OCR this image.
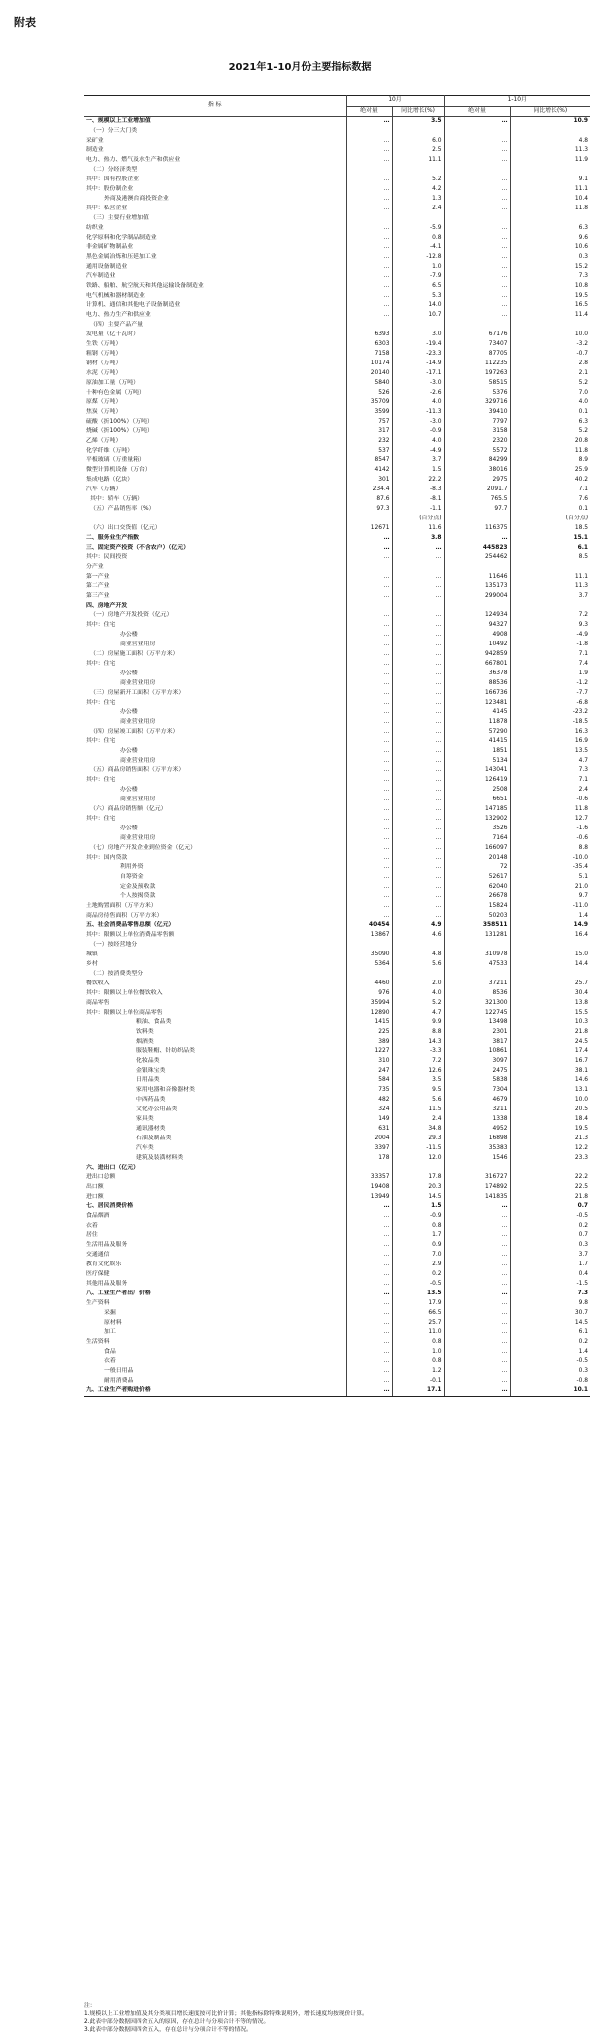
附表
2021年1-10月份主要指标数据
指 标	10月		1-10月	
	绝对量	同比增长(%)	绝对量	同比增长(%)
一、规模以上工业增加值	…	3.5	…	10.9
（一）分三大门类				
采矿业	…	6.0	…	4.8
制造业	…	2.5	…	11.3
电力、热力、燃气及水生产和供应业	…	11.1	…	11.9
（二）分经济类型				
其中：国有控股企业	…	5.2	…	9.1
其中：股份制企业	…	4.2	…	11.1
外商及港澳台商投资企业	…	1.3	…	10.4
其中：私营企业	…	2.4	…	11.8
（三）主要行业增加值				
纺织业	…	-5.9	…	6.3
化学原料和化学制品制造业	…	0.8	…	9.6
非金属矿物制品业	…	-4.1	…	10.6
黑色金属冶炼和压延加工业	…	-12.8	…	0.3
通用设备制造业	…	1.0	…	15.2
汽车制造业	…	-7.9	…	7.3
铁路、船舶、航空航天和其他运输设备制造业	…	6.5	…	10.8
电气机械和器材制造业	…	5.3	…	19.5
计算机、通信和其他电子设备制造业	…	14.0	…	16.5
电力、热力生产和供应业	…	10.7	…	11.4
（四）主要产品产量				
发电量（亿千瓦时）	6393	3.0	67176	10.0
生铁（万吨）	6303	-19.4	73407	-3.2
粗钢（万吨）	7158	-23.3	87705	-0.7
钢材（万吨）	10174	-14.9	112235	2.8
水泥（万吨）	20140	-17.1	197263	2.1
原油加工量（万吨）	5840	-3.0	58515	5.2
十种有色金属（万吨）	526	-2.6	5376	7.0
原煤（万吨）	35709	4.0	329716	4.0
焦炭（万吨）	3599	-11.3	39410	0.1
硫酸（折100%）（万吨）	757	-3.0	7797	6.3
烧碱（折100%）（万吨）	317	-0.9	3158	5.2
乙烯（万吨）	232	4.0	2320	20.8
化学纤维（万吨）	537	-4.9	5572	11.8
平板玻璃（万重量箱）	8547	3.7	84299	8.9
微型计算机设备（万台）	4142	1.5	38016	25.9
集成电路（亿块）	301	22.2	2975	40.2
汽车（万辆）	234.4	-8.3	2091.7	7.1
其中：轿车（万辆）	87.6	-8.1	765.5	7.6
（五）产品销售率（%）	97.3	-1.1	97.7	0.1
		(百分点)		(百分点)
（六）出口交货值（亿元）	12671	11.6	116375	18.5
二、服务业生产指数	…	3.8	…	15.1
三、固定资产投资（不含农户）（亿元）	…	…	445823	6.1
其中：民间投资	…	…	254462	8.5
分产业				
第一产业	…	…	11646	11.1
第二产业	…	…	135173	11.3
第三产业	…	…	299004	3.7
四、房地产开发				
（一）房地产开发投资（亿元）	…	…	124934	7.2
其中：住宅	…	…	94327	9.3
办公楼	…	…	4908	-4.9
商业营业用房	…	…	10492	-1.8
（二）房屋施工面积（万平方米）	…	…	942859	7.1
其中：住宅	…	…	667801	7.4
办公楼	…	…	36378	1.9
商业营业用房	…	…	88536	-1.2
（三）房屋新开工面积（万平方米）	…	…	166736	-7.7
其中：住宅	…	…	123481	-6.8
办公楼	…	…	4145	-23.2
商业营业用房	…	…	11878	-18.5
（四）房屋竣工面积（万平方米）	…	…	57290	16.3
其中：住宅	…	…	41415	16.9
办公楼	…	…	1851	13.5
商业营业用房	…	…	5134	4.7
（五）商品房销售面积（万平方米）	…	…	143041	7.3
其中：住宅	…	…	126419	7.1
办公楼	…	…	2508	2.4
商业营业用房	…	…	6651	-0.6
（六）商品房销售额（亿元）	…	…	147185	11.8
其中：住宅	…	…	132902	12.7
办公楼	…	…	3526	-1.6
商业营业用房	…	…	7164	-0.6
（七）房地产开发企业到位资金（亿元）	…	…	166097	8.8
其中：国内贷款	…	…	20148	-10.0
利用外资	…	…	72	-35.4
自筹资金	…	…	52617	5.1
定金及预收款	…	…	62040	21.0
个人按揭贷款	…	…	26678	9.7
土地购置面积（万平方米）	…	…	15824	-11.0
商品房待售面积（万平方米）	…	…	50203	1.4
五、社会消费品零售总额（亿元）	40454	4.9	358511	14.9
其中：限额以上单位消费品零售额	13867	4.6	131281	16.4
（一）按经营地分				
城镇	35090	4.8	310978	15.0
乡村	5364	5.6	47533	14.4
（二）按消费类型分				
餐饮收入	4460	2.0	37211	25.7
其中：限额以上单位餐饮收入	976	4.0	8536	30.4
商品零售	35994	5.2	321300	13.8
其中：限额以上单位商品零售	12890	4.7	122745	15.5
粮油、食品类	1415	9.9	13498	10.3
饮料类	225	8.8	2301	21.8
烟酒类	389	14.3	3817	24.5
服装鞋帽、针纺织品类	1227	-3.3	10861	17.4
化妆品类	310	7.2	3097	16.7
金银珠宝类	247	12.6	2475	38.1
日用品类	584	3.5	5838	14.6
家用电器和音像器材类	735	9.5	7304	13.1
中西药品类	482	5.6	4679	10.0
文化办公用品类	324	11.5	3211	20.5
家具类	149	2.4	1338	18.4
通讯器材类	631	34.8	4952	19.5
石油及制品类	2004	29.3	16898	21.3
汽车类	3397	-11.5	35383	12.2
建筑及装潢材料类	178	12.0	1546	23.3
六、进出口（亿元）				
进出口总额	33357	17.8	316727	22.2
出口额	19408	20.3	174892	22.5
进口额	13949	14.5	141835	21.8
七、居民消费价格	…	1.5	…	0.7
食品烟酒	…	-0.9	…	-0.5
衣着	…	0.8	…	0.2
居住	…	1.7	…	0.7
生活用品及服务	…	0.9	…	0.3
交通通信	…	7.0	…	3.7
教育文化娱乐	…	2.9	…	1.7
医疗保健	…	0.2	…	0.4
其他用品及服务	…	-0.5	…	-1.5
八、工业生产者出厂价格	…	13.5	…	7.3
生产资料	…	17.9	…	9.8
采掘	…	66.5	…	30.7
原材料	…	25.7	…	14.5
加工	…	11.0	…	6.1
生活资料	…	0.8	…	0.2
食品	…	1.0	…	1.4
衣着	…	0.8	…	-0.5
一般日用品	…	1.2	…	0.3
耐用消费品	…	-0.1	…	-0.8
九、工业生产者购进价格	…	17.1	…	10.1
注：
1.规模以上工业增加值及其分类项目增长速度按可比价计算；其他指标除特殊说明外，增长速度均按现价计算。
2.此表中部分数据因四舍五入的原因，存在总计与分项合计不等的情况。
3.此表中部分数据因四舍五入，存在总计与分项合计不等的情况。
